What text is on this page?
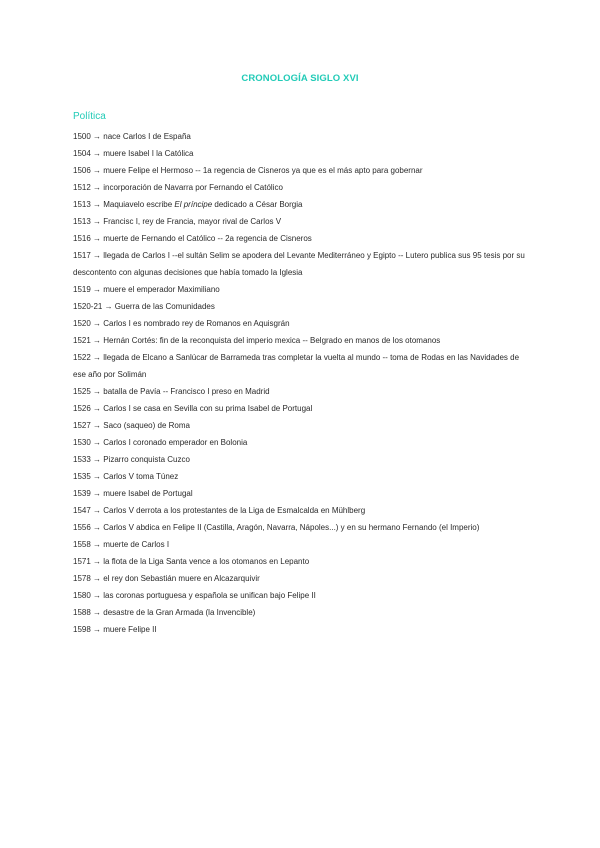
CRONOLOGÍA SIGLO XVI
Política
1500 → nace Carlos I de España
1504 → muere Isabel I la Católica
1506 → muere Felipe el Hermoso -- 1a regencia de Cisneros ya que es el más apto para gobernar
1512 → incorporación de Navarra por Fernando el Católico
1513 → Maquiavelo escribe El príncipe dedicado a César Borgia
1513 → Francisc I, rey de Francia, mayor rival de Carlos V
1516 → muerte de Fernando el Católico -- 2a regencia de Cisneros
1517 → llegada de Carlos I --el sultán Selim se apodera del Levante Mediterráneo y Egipto -- Lutero publica sus 95 tesis por su descontento con algunas decisiones que había tomado la Iglesia
1519 → muere el emperador Maximiliano
1520-21 → Guerra de las Comunidades
1520 → Carlos I es nombrado rey de Romanos en Aquisgrán
1521 → Hernán Cortés: fin de la reconquista del imperio mexica -- Belgrado en manos de los otomanos
1522 → llegada de Elcano a Sanlúcar de Barrameda tras completar la vuelta al mundo -- toma de Rodas en las Navidades de ese año por Solimán
1525 → batalla de Pavía -- Francisco I preso en Madrid
1526 → Carlos I se casa en Sevilla con su prima Isabel de Portugal
1527 → Saco (saqueo) de Roma
1530 → Carlos I coronado emperador en Bolonia
1533 → Pizarro conquista Cuzco
1535 → Carlos V toma Túnez
1539 → muere Isabel de Portugal
1547 → Carlos V derrota a los protestantes de la Liga de Esmalcalda en Mühlberg
1556 → Carlos V abdica en Felipe II (Castilla, Aragón, Navarra, Nápoles...) y en su hermano Fernando (el Imperio)
1558 → muerte de Carlos I
1571 → la flota de la Liga Santa vence a los otomanos en Lepanto
1578 → el rey don Sebastián muere en Alcazarquivir
1580 → las coronas portuguesa y española se unifican bajo Felipe II
1588 → desastre de la Gran Armada (la Invencible)
1598 → muere Felipe II
